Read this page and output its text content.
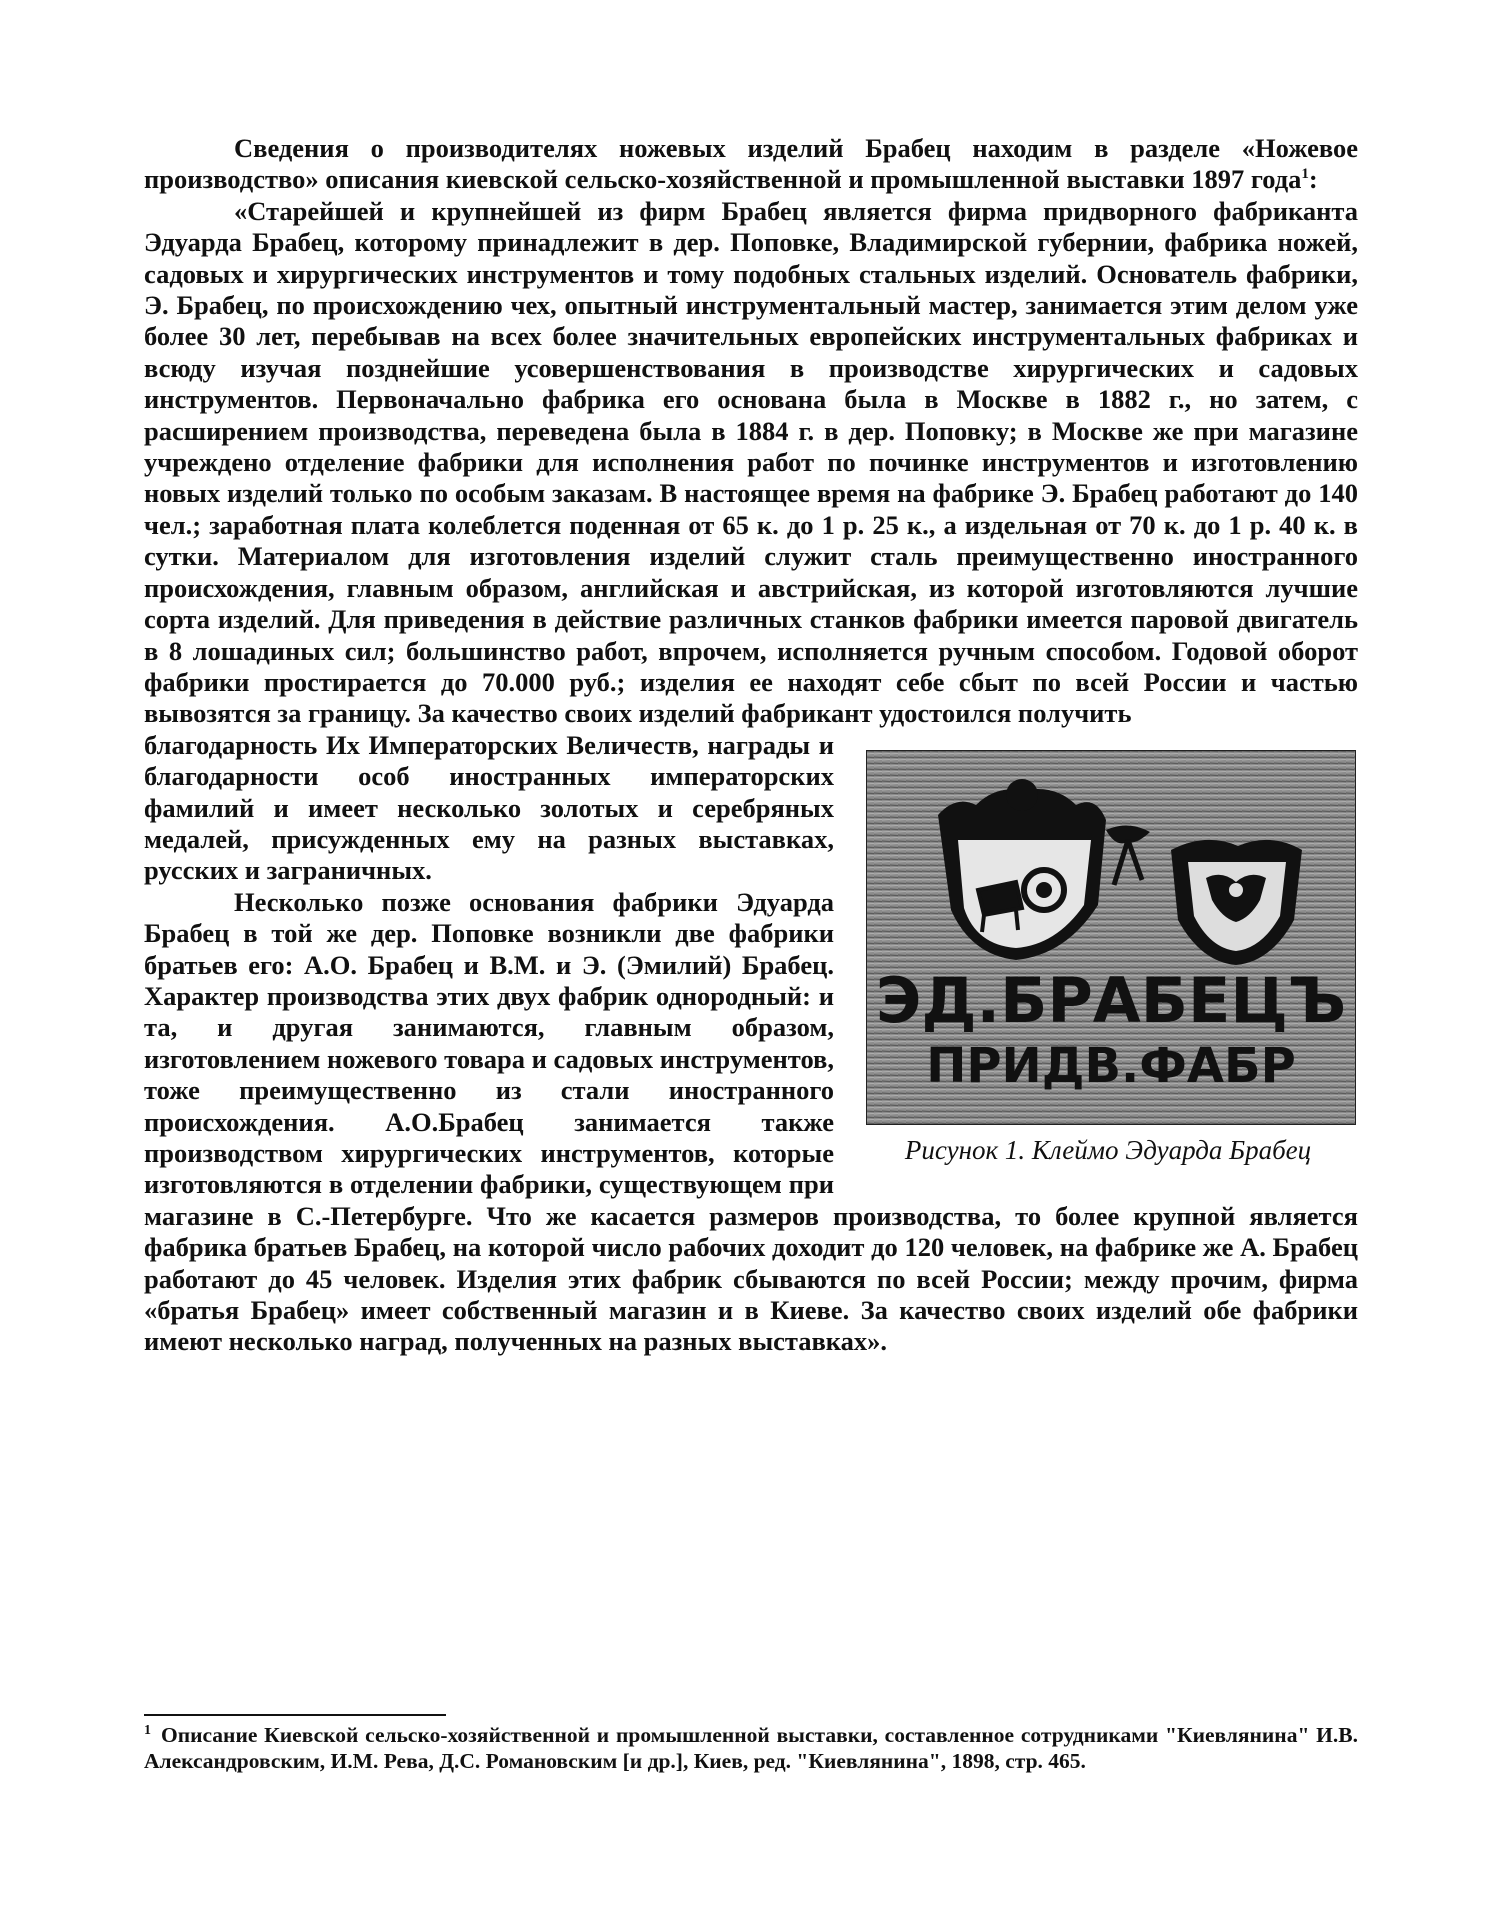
Сведения о производителях ножевых изделий Брабец находим в разделе «Ножевое производство» описания киевской сельско-хозяйственной и промышленной выставки 1897 года$^1$:

«Старейшей и крупнейшей из фирм Брабец является фирма придворного фабриканта Эдуарда Брабец, которому принадлежит в дер. Поповке, Владимирской губернии, фабрика ножей, садовых и хирургических инструментов и тому подобных стальных изделий. Основатель фабрики, Э. Брабец, по происхождению чех, опытный инструментальный мастер, занимается этим делом уже более 30 лет, перебывав на всех более значительных европейских инструментальных фабриках и всюду изучая позднейшие усовершенствования в производстве хирургических и садовых инструментов. Первоначально фабрика его основана была в Москве в 1882 г., но затем, с расширением производства, переведена была в 1884 г. в дер. Поповку; в Москве же при магазине учреждено отделение фабрики для исполнения работ по починке инструментов и изготовлению новых изделий только по особым заказам. В настоящее время на фабрике Э. Брабец работают до 140 чел.; заработная плата колеблется поденная от 65 к. до 1 р. 25 к., а издельная от 70 к. до 1 р. 40 к. в сутки. Материалом для изготовления изделий служит сталь преимущественно иностранного происхождения, главным образом, английская и австрийская, из которой изготовляются лучшие сорта изделий. Для приведения в действие различных станков фабрики имеется паровой двигатель в 8 лошадиных сил; большинство работ, впрочем, исполняется ручным способом. Годовой оборот фабрики простирается до 70.000 руб.; изделия ее находят себе сбыт по всей России и частью вывозятся за границу. За качество своих изделий фабрикант удостоился получить

ЭД.БРАБЕЦЪ
ПРИДВ.ФАБР
Рисунок 1. Клеймо Эдуарда Брабец

благодарность Их Императорских Величеств, награды и благодарности особ иностранных императорских фамилий и имеет несколько золотых и серебряных медалей, присужденных ему на разных выставках, русских и заграничных.

Несколько позже основания фабрики Эдуарда Брабец в той же дер. Поповке возникли две фабрики братьев его: А.О. Брабец и В.М. и Э. (Эмилий) Брабец. Характер производства этих двух фабрик однородный: и та, и другая занимаются, главным образом, изготовлением ножевого товара и садовых инструментов, тоже преимущественно из стали иностранного происхождения. А.О.Брабец занимается также производством хирургических инструментов, которые изготовляются в отделении фабрики, существующем при магазине в С.-Петербурге. Что же касается размеров производства, то более крупной является фабрика братьев Брабец, на которой число рабочих доходит до 120 человек, на фабрике же А. Брабец работают до 45 человек. Изделия этих фабрик сбываются по всей России; между прочим, фирма «братья Брабец» имеет собственный магазин и в Киеве. За качество своих изделий обе фабрики имеют несколько наград, полученных на разных выставках».

$^1$ Описание Киевской сельско-хозяйственной и промышленной выставки, составленное сотрудниками "Киевлянина" И.В. Александровским, И.М. Рева, Д.С. Романовским [и др.], Киев, ред. "Киевлянина", 1898, стр. 465.
